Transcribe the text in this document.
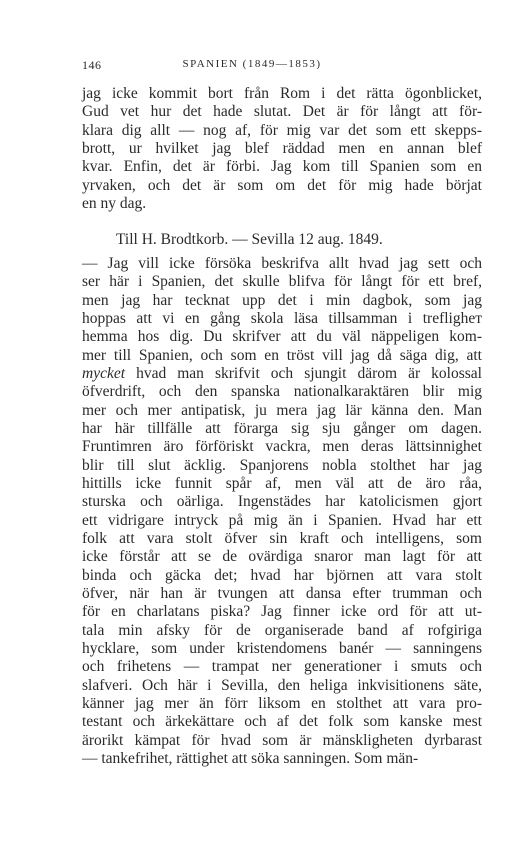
146	SPANIEN (1849—1853)
jag icke kommit bort från Rom i det rätta ögonblicket,
Gud vet hur det hade slutat. Det är för långt att för-
klara dig allt — nog af, för mig var det som ett skepps-
brott, ur hvilket jag blef räddad men en annan blef
kvar. Enfin, det är förbi. Jag kom till Spanien som en
yrvaken, och det är som om det för mig hade börjat
en ny dag.
Till H. Brodtkorb. — Sevilla 12 aug. 1849.
— Jag vill icke försöka beskrifva allt hvad jag sett och
ser här i Spanien, det skulle blifva för långt för ett bref,
men jag har tecknat upp det i min dagbok, som jag
hoppas att vi en gång skola läsa tillsamman i trefligheт
hemma hos dig. Du skrifver att du väl näppeligen kom-
mer till Spanien, och som en tröst vill jag då säga dig, att
mycket hvad man skrifvit och sjungit därom är kolossal
öfverdrift, och den spanska nationalkaraktären blir mig
mer och mer antipatisk, ju mera jag lär känna den. Man
har här tillfälle att förarga sig sju gånger om dagen.
Fruntimren äro förföriskt vackra, men deras lättsinnighet
blir till slut äcklig. Spanjorens nobla stolthet har jag
hittills icke funnit spår af, men väl att de äro råa,
sturska och oärliga. Ingenstädes har katolicismen gjort
ett vidrigare intryck på mig än i Spanien. Hvad har ett
folk att vara stolt öfver sin kraft och intelligens, som
icke förstår att se de ovärdiga snaror man lagt för att
binda och gäcka det; hvad har björnen att vara stolt
öfver, när han är tvungen att dansa efter trumman och
för en charlatans piska? Jag finner icke ord för att ut-
tala min afsky för de organiserade band af rofgiriga
hycklare, som under kristendomens banér — sanningens
och frihetens — trampat ner generationer i smuts och
slafveri. Och här i Sevilla, den heliga inkvisitionens säte,
känner jag mer än förr liksom en stolthet att vara pro-
testant och ärkekättare och af det folk som kanske mest
ärorikt kämpat för hvad som är mänskligheten dyrbarast
— tankefrihet, rättighet att söka sanningen. Som män-
